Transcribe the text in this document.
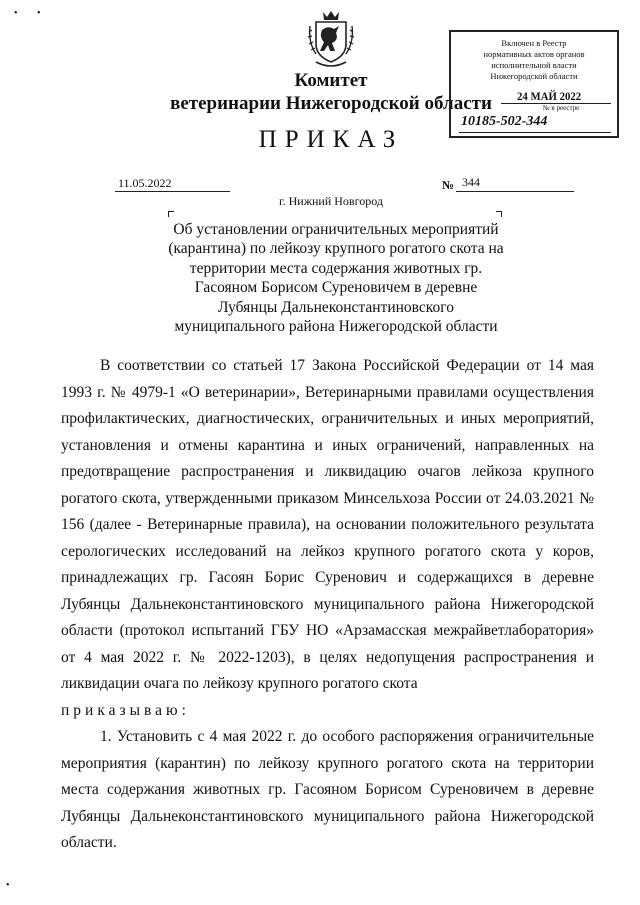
• •
•
Комитет
ветеринарии Нижегородской области
ПРИКАЗ
Включен в Реестр
нормативных актов органов
исполнительной власти
Нижегородской области
24 МАЙ 2022
№ в реестре
10185-502-344
11.05.2022	№ 344
г. Нижний Новгород
Об установлении ограничительных мероприятий (карантина) по лейкозу крупного рогатого скота на территории места содержания животных гр. Гасояном Борисом Суреновичем в деревне Лубянцы Дальнеконстантиновского муниципального района Нижегородской области

В соответствии со статьей 17 Закона Российской Федерации от 14 мая 1993 г. № 4979-1 «О ветеринарии», Ветеринарными правилами осуществления профилактических, диагностических, ограничительных и иных мероприятий, установления и отмены карантина и иных ограничений, направленных на предотвращение распространения и ликвидацию очагов лейкоза крупного рогатого скота, утвержденными приказом Минсельхоза России от 24.03.2021 № 156 (далее - Ветеринарные правила), на основании положительного результата серологических исследований на лейкоз крупного рогатого скота у коров, принадлежащих гр. Гасоян Борис Суренович и содержащихся в деревне Лубянцы Дальнеконстантиновского муниципального района Нижегородской области (протокол испытаний ГБУ НО «Арзамасская межрайветлаборатория» от 4 мая 2022 г. № 2022-1203), в целях недопущения распространения и ликвидации очага по лейкозу крупного рогатого скота

приказываю:

1. Установить с 4 мая 2022 г. до особого распоряжения ограничительные мероприятия (карантин) по лейкозу крупного рогатого скота на территории места содержания животных гр. Гасояном Борисом Суреновичем в деревне Лубянцы Дальнеконстантиновского муниципального района Нижегородской области.
